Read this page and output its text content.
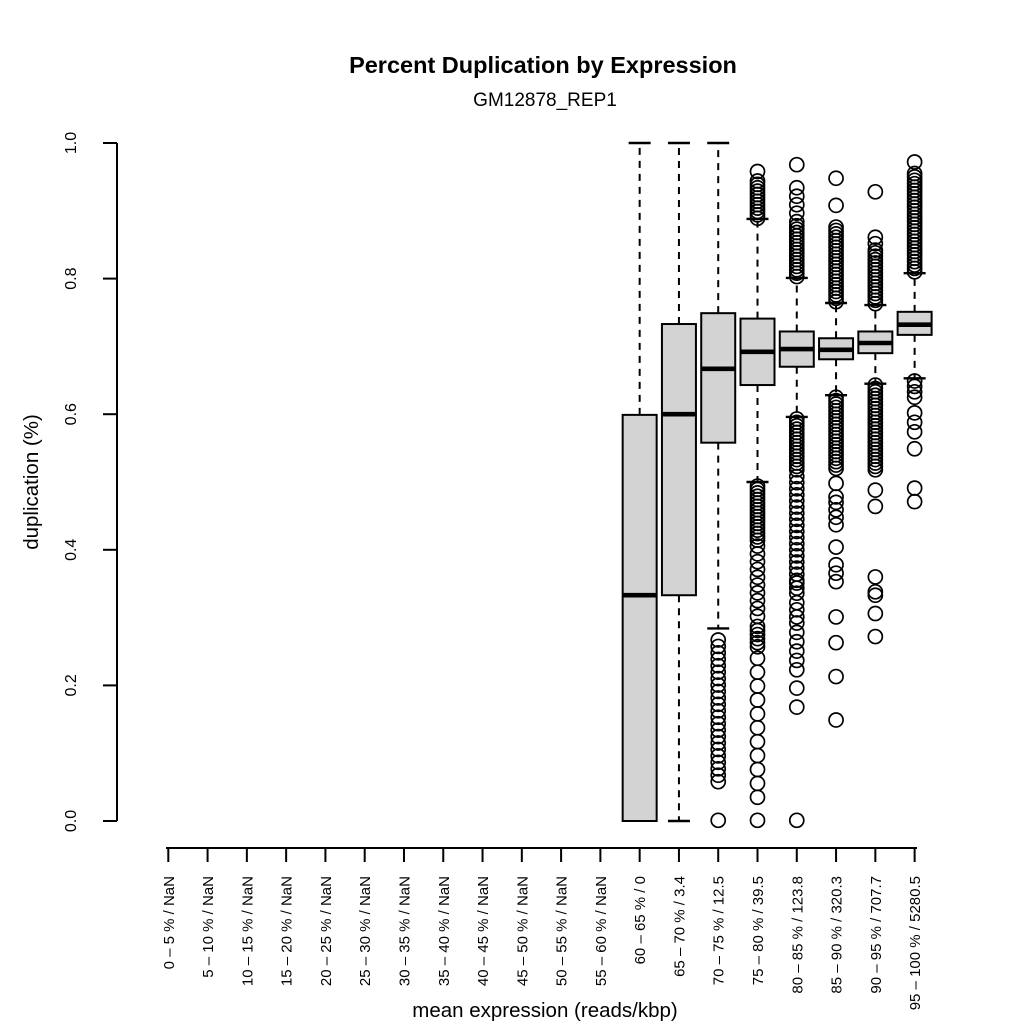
Percent Duplication by Expression
GM12878_REP1
mean expression (reads/kbp)
duplication (%)
0.0
0.2
0.4
0.6
0.8
1.0
0 – 5 % / NaN 5 – 10 % / NaN 10 – 15 % / NaN 15 – 20 % / NaN 20 – 25 % / NaN 25 – 30 % / NaN 30 – 35 % / NaN 35 – 40 % / NaN 40 – 45 % / NaN 45 – 50 % / NaN 50 – 55 % / NaN 55 – 60 % / NaN 60 – 65 % / 0 65 – 70 % / 3.4 70 – 75 % / 12.5 75 – 80 % / 39.5 80 – 85 % / 123.8 85 – 90 % / 320.3 90 – 95 % / 707.7 95 – 100 % / 5280.5
